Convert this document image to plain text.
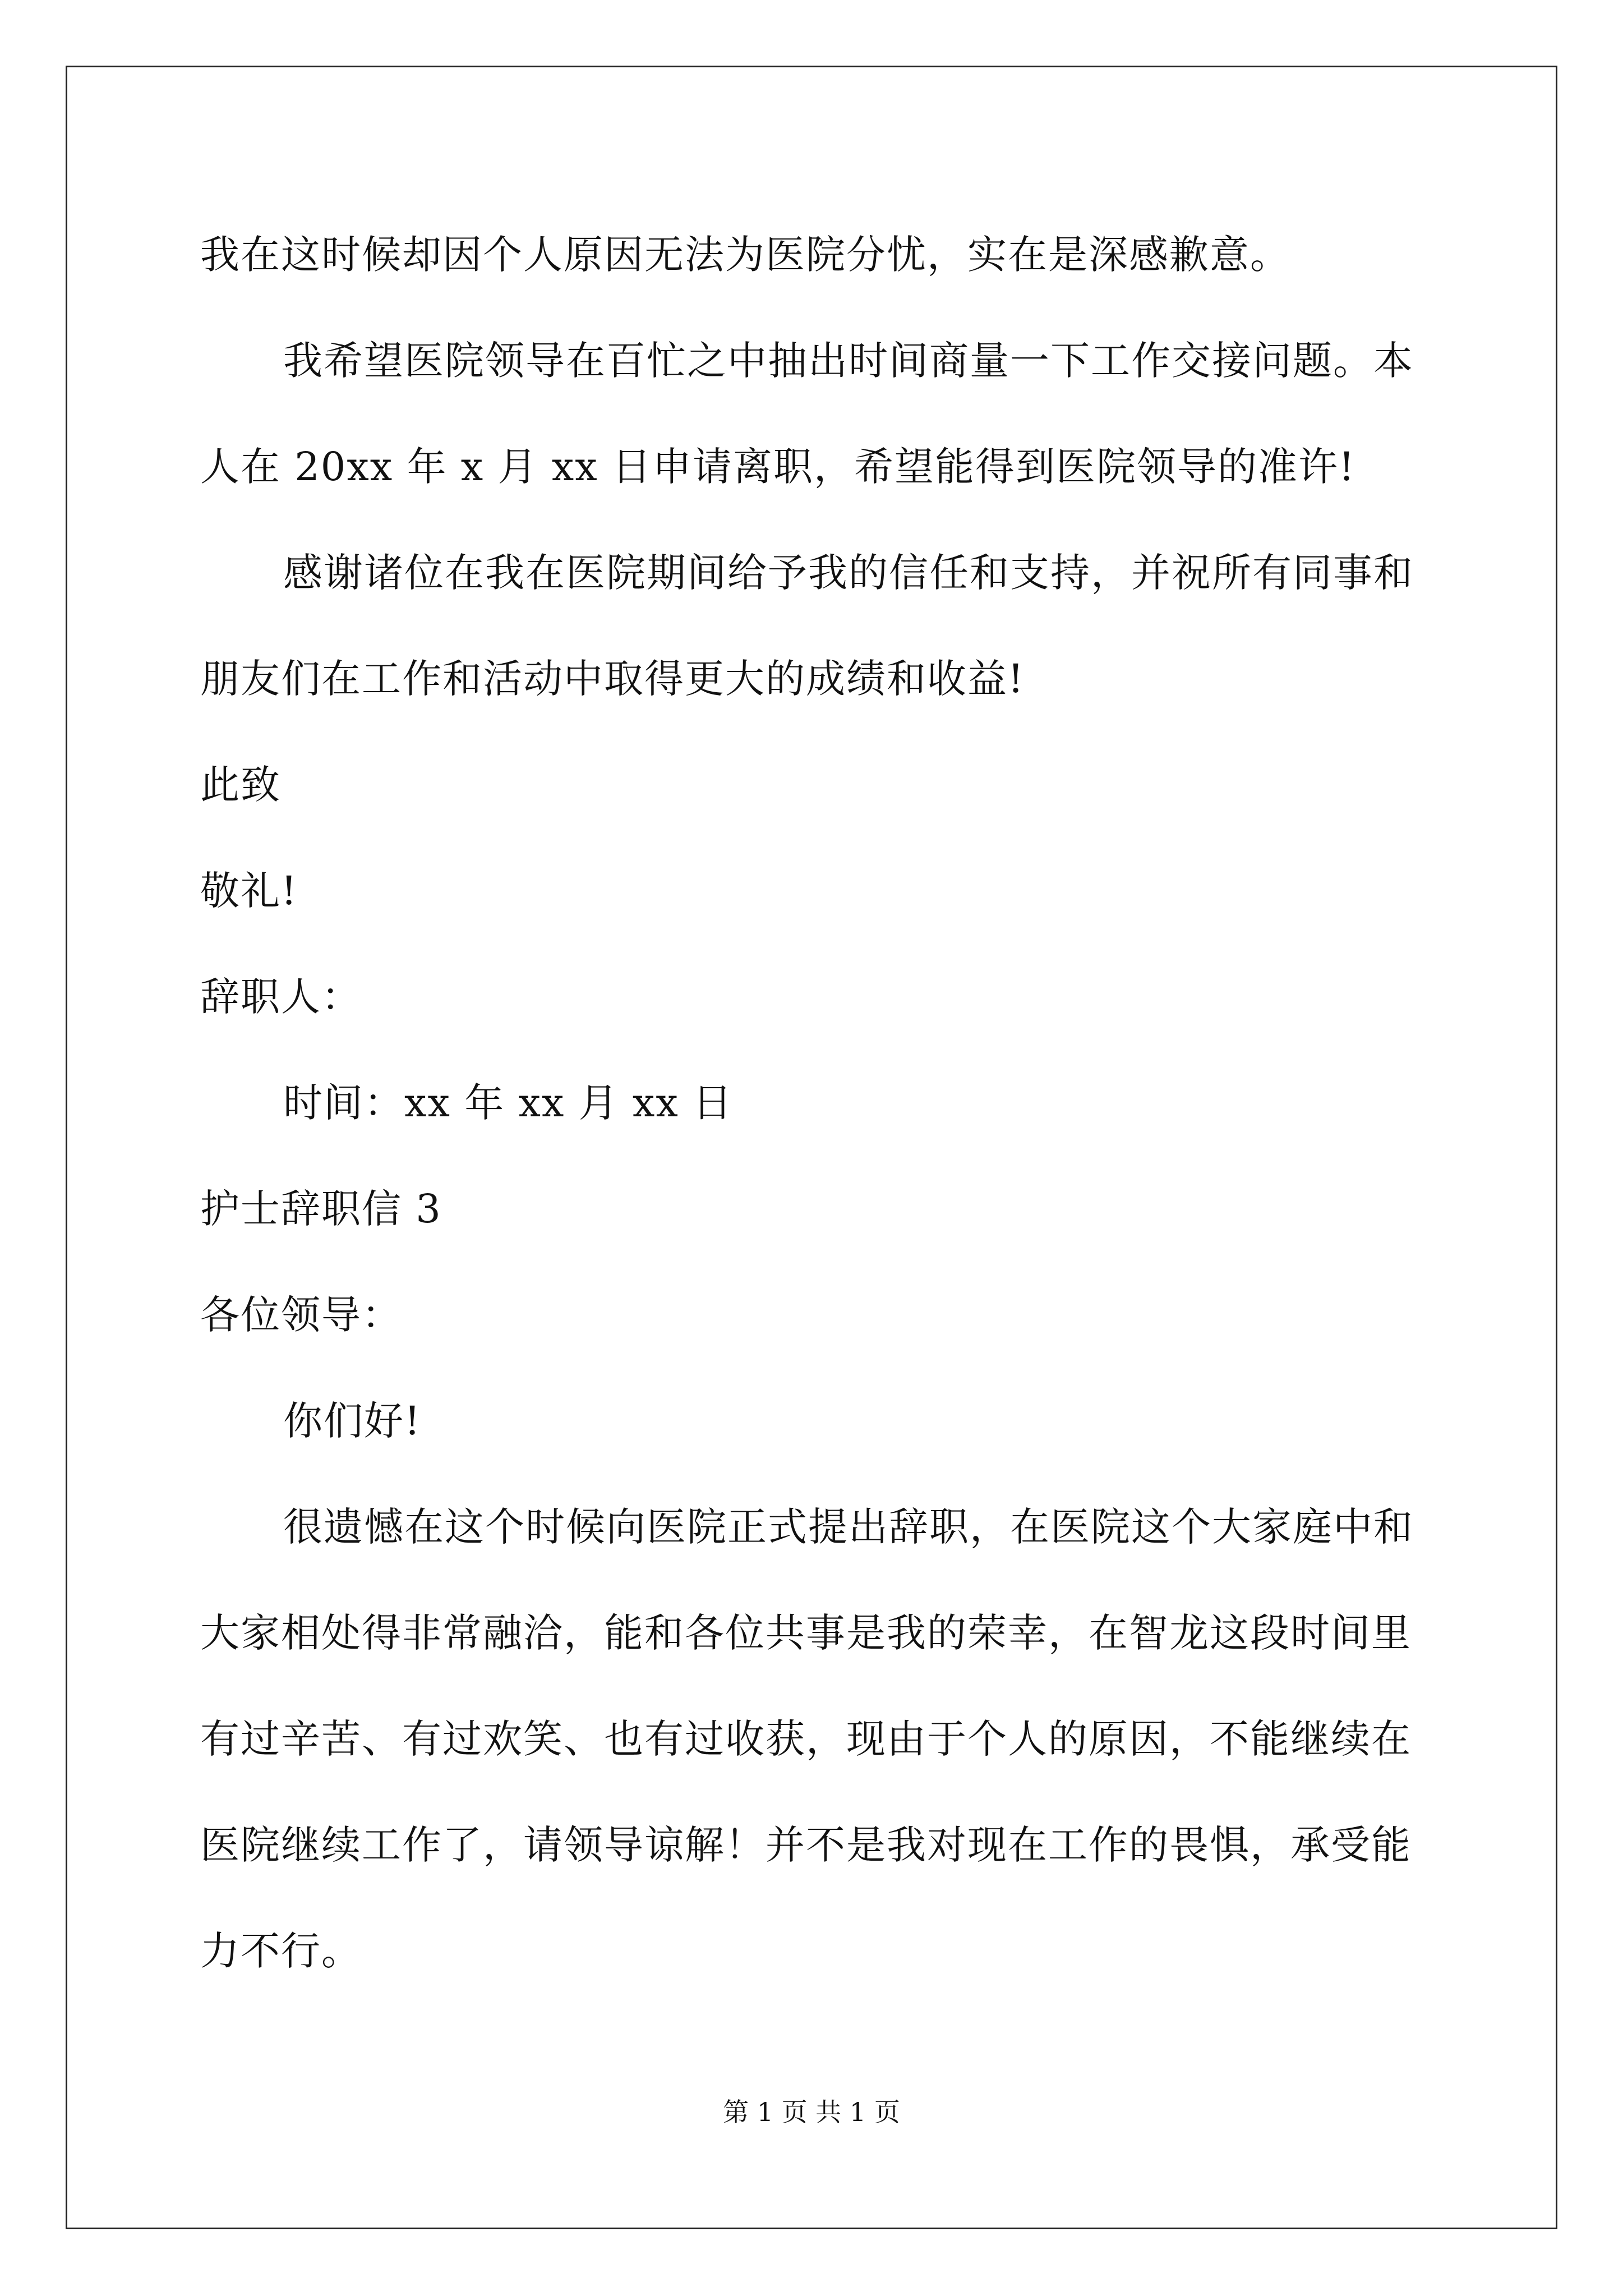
我在这时候却因个人原因无法为医院分忧，实在是深感歉意。
我希望医院领导在百忙之中抽出时间商量一下工作交接问题。本
人在 20xx 年 x 月 xx 日申请离职，希望能得到医院领导的准许!
感谢诸位在我在医院期间给予我的信任和支持，并祝所有同事和
朋友们在工作和活动中取得更大的成绩和收益!
此致
敬礼!
辞职人：
时间：xx 年 xx 月 xx 日
护士辞职信 3
各位领导：
你们好!
很遗憾在这个时候向医院正式提出辞职，在医院这个大家庭中和
大家相处得非常融洽，能和各位共事是我的荣幸，在智龙这段时间里
有过辛苦、有过欢笑、也有过收获，现由于个人的原因，不能继续在
医院继续工作了，请领导谅解！并不是我对现在工作的畏惧，承受能
力不行。
第 1 页 共 1 页
